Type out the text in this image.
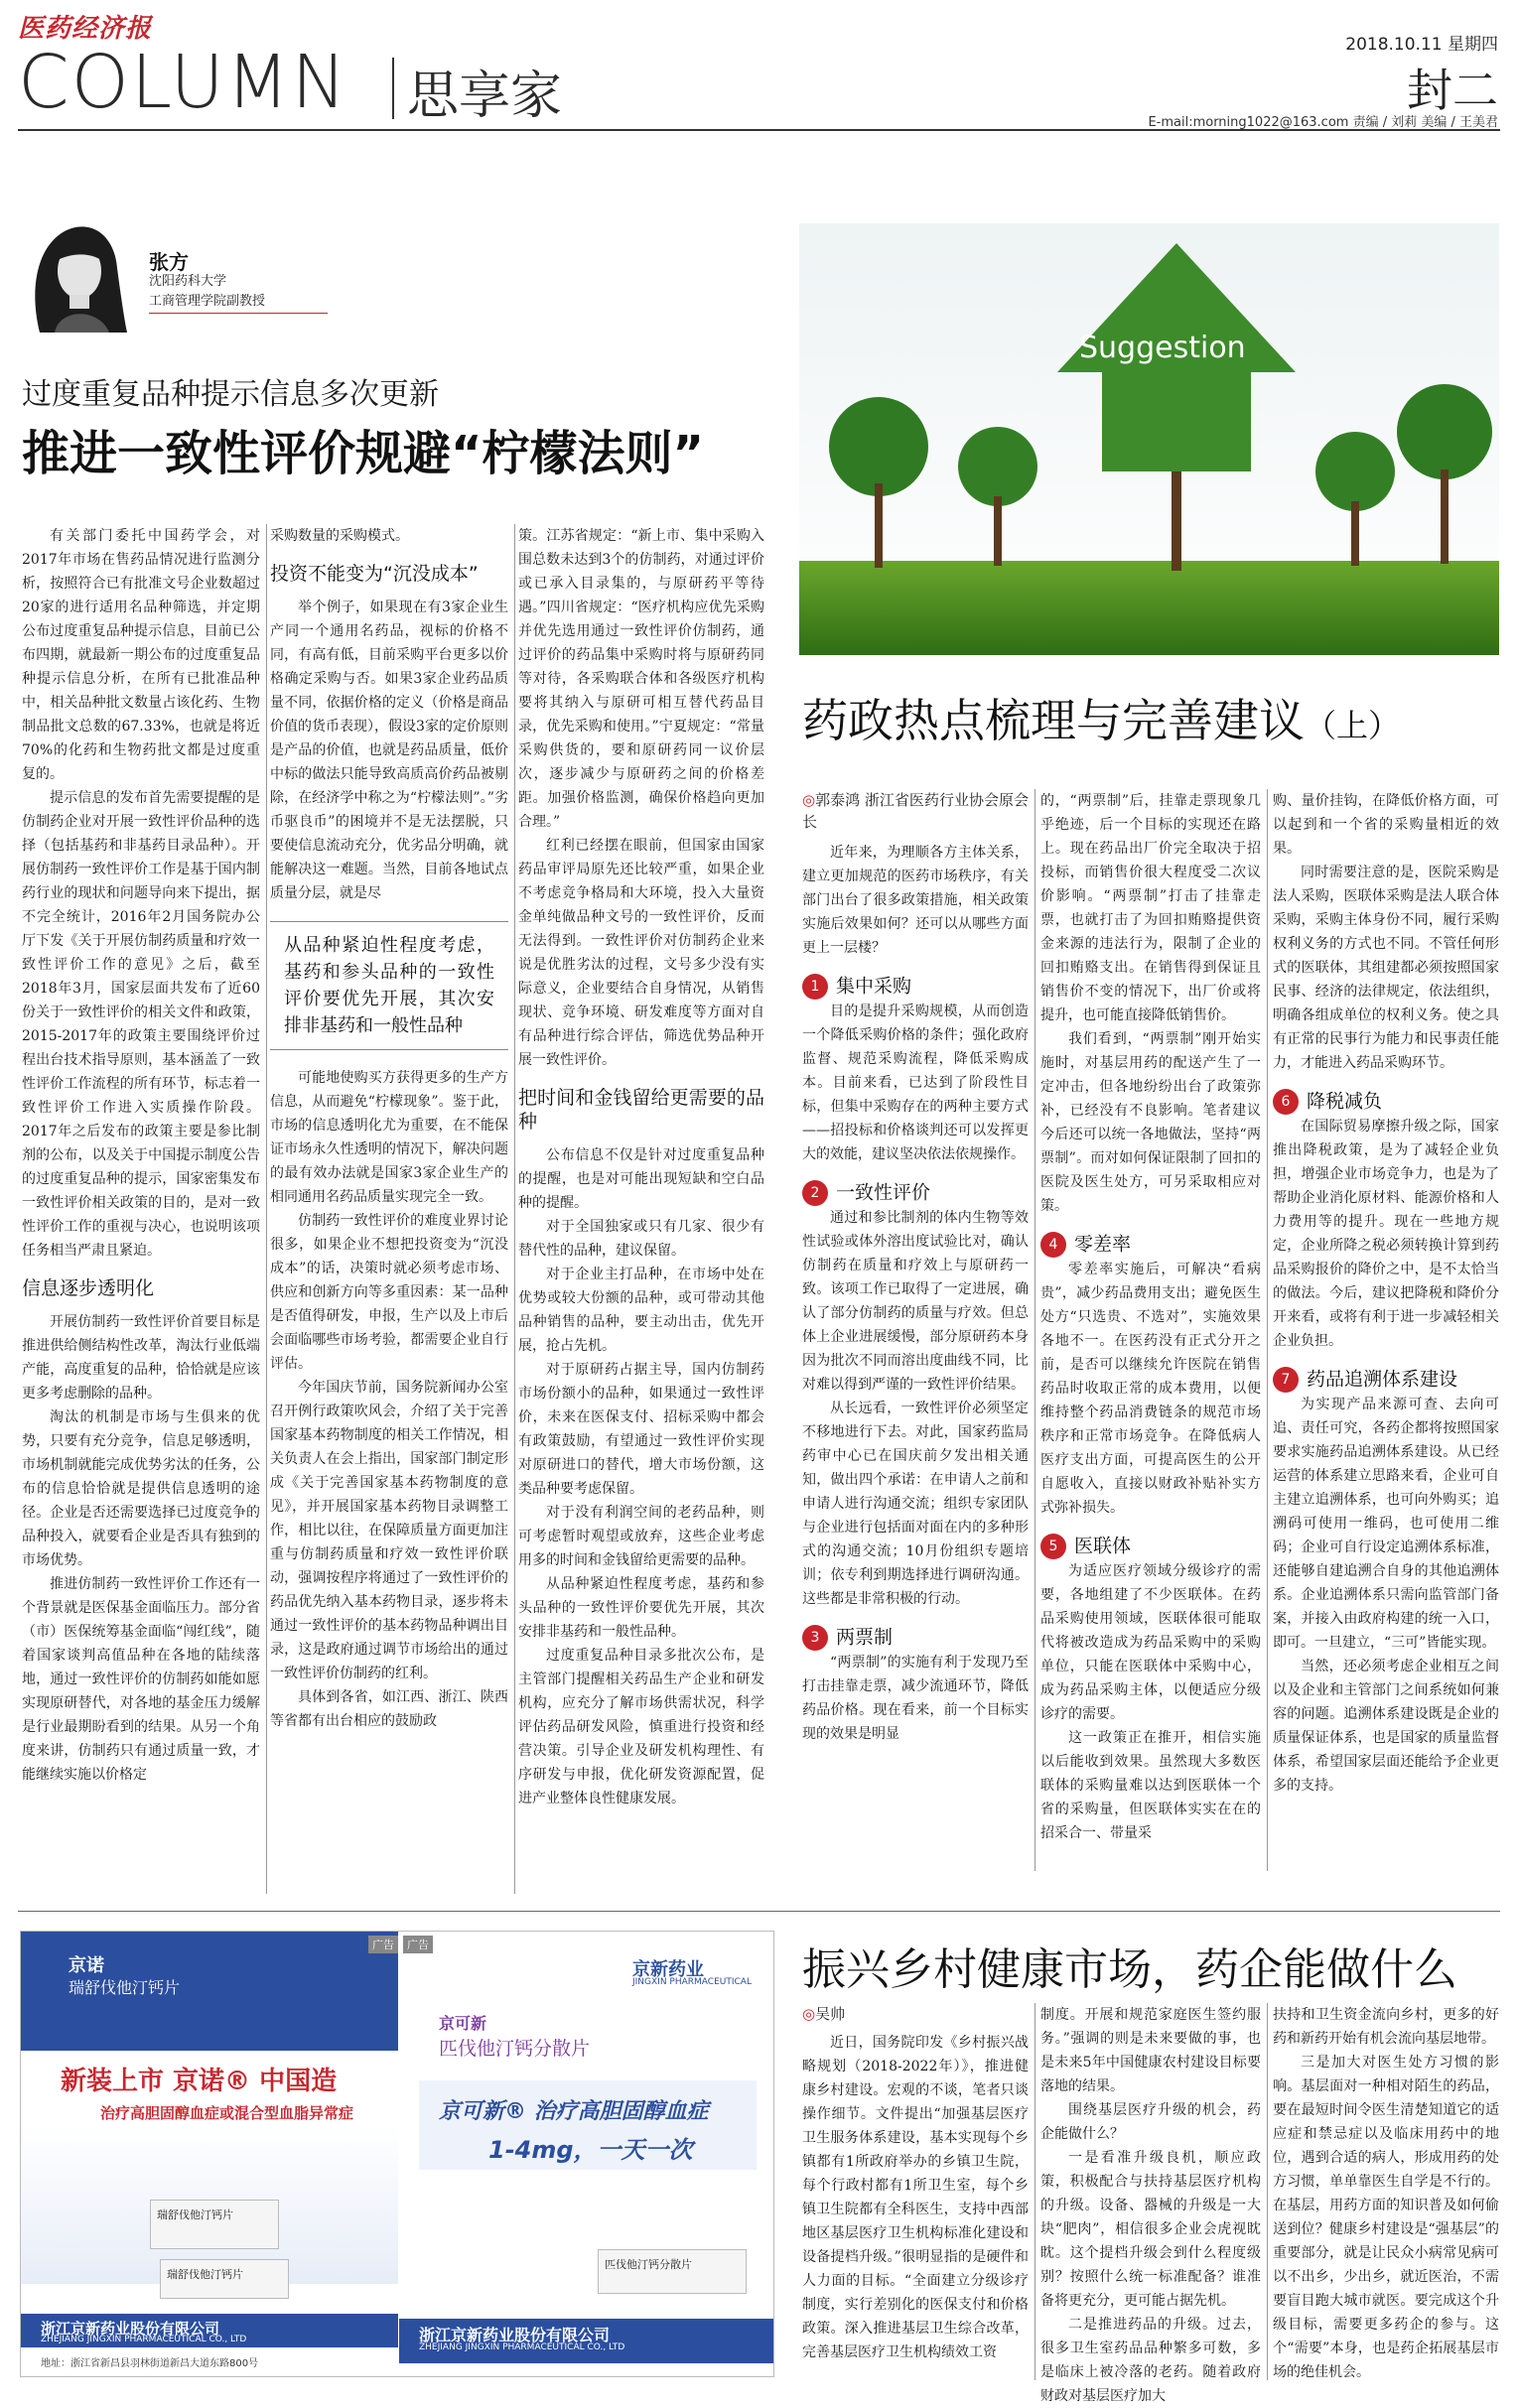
医药经济报
2018.10.11 星期四
COLUMN 思享家	封二
E-mail:morning1022@163.com 责编 / 刘莉 美编 / 王美君
张方
沈阳药科大学
工商管理学院副教授
过度重复品种提示信息多次更新
推进一致性评价规避“柠檬法则”

有关部门委托中国药学会，对2017年市场在售药品情况进行监测分析，按照符合已有批准文号企业数超过20家的进行适用名品种筛选，并定期公布过度重复品种提示信息，目前已公布四期，就最新一期公布的过度重复品种提示信息分析，在所有已批准品种中，相关品种批文数量占该化药、生物制品批文总数的67.33%，也就是将近70%的化药和生物药批文都是过度重复的。

提示信息的发布首先需要提醒的是仿制药企业对开展一致性评价品种的选择（包括基药和非基药目录品种）。开展仿制药一致性评价工作是基于国内制药行业的现状和问题导向来下提出，据不完全统计，2016年2月国务院办公厅下发《关于开展仿制药质量和疗效一致性评价工作的意见》之后，截至2018年3月，国家层面共发布了近60份关于一致性评价的相关文件和政策，2015-2017年的政策主要围绕评价过程出台技术指导原则，基本涵盖了一致性评价工作流程的所有环节，标志着一致性评价工作进入实质操作阶段。2017年之后发布的政策主要是参比制剂的公布，以及关于中国提示制度公告的过度重复品种的提示，国家密集发布一致性评价相关政策的目的，是对一致性评价工作的重视与决心，也说明该项任务相当严肃且紧迫。

信息逐步透明化

开展仿制药一致性评价首要目标是推进供给侧结构性改革，淘汰行业低端产能，高度重复的品种，恰恰就是应该更多考虑删除的品种。

淘汰的机制是市场与生俱来的优势，只要有充分竞争，信息足够透明，市场机制就能完成优势劣汰的任务，公布的信息恰恰就是提供信息透明的途径。企业是否还需要选择已过度竞争的品种投入，就要看企业是否具有独到的市场优势。

推进仿制药一致性评价工作还有一个背景就是医保基金面临压力。部分省（市）医保统筹基金面临“闯红线”，随着国家谈判高值品种在各地的陆续落地，通过一致性评价的仿制药如能如愿实现原研替代，对各地的基金压力缓解是行业最期盼看到的结果。从另一个角度来讲，仿制药只有通过质量一致，才能继续实施以价格定

采购数量的采购模式。

投资不能变为“沉没成本”

举个例子，如果现在有3家企业生产同一个通用名药品，视标的价格不同，有高有低，目前采购平台更多以价格确定采购与否。如果3家企业药品质量不同，依据价格的定义（价格是商品价值的货币表现），假设3家的定价原则是产品的价值，也就是药品质量，低价中标的做法只能导致高质高价药品被剔除，在经济学中称之为“柠檬法则”。”劣币驱良币”的困境并不是无法摆脱，只要使信息流动充分，优劣品分明确，就能解决这一难题。当然，目前各地试点质量分层，就是尽

从品种紧迫性程度考虑，基药和参头品种的一致性评价要优先开展，其次安排非基药和一般性品种

可能地使购买方获得更多的生产方信息，从而避免“柠檬现象”。鉴于此，市场的信息透明化尤为重要，在不能保证市场永久性透明的情况下，解决问题的最有效办法就是国家3家企业生产的相同通用名药品质量实现完全一致。

仿制药一致性评价的难度业界讨论很多，如果企业不想把投资变为“沉没成本”的话，决策时就必须考虑市场、供应和创新方向等多重因素：某一品种是否值得研发，申报，生产以及上市后会面临哪些市场考验，都需要企业自行评估。

今年国庆节前，国务院新闻办公室召开例行政策吹风会，介绍了关于完善国家基本药物制度的相关工作情况，相关负责人在会上指出，国家部门制定形成《关于完善国家基本药物制度的意见》，并开展国家基本药物目录调整工作，相比以往，在保障质量方面更加注重与仿制药质量和疗效一致性评价联动，强调按程序将通过了一致性评价的药品优先纳入基本药物目录，逐步将未通过一致性评价的基本药物品种调出目录，这是政府通过调节市场给出的通过一致性评价仿制药的红利。

具体到各省，如江西、浙江、陕西等省都有出台相应的鼓励政

策。江苏省规定：“新上市、集中采购入围总数未达到3个的仿制药，对通过评价或已承入目录集的，与原研药平等待遇。”四川省规定：“医疗机构应优先采购并优先选用通过一致性评价仿制药，通过评价的药品集中采购时将与原研药同等对待，各采购联合体和各级医疗机构要将其纳入与原研可相互替代药品目录，优先采购和使用。”宁夏规定：“常量采购供货的，要和原研药同一议价层次，逐步减少与原研药之间的价格差距。加强价格监测，确保价格趋向更加合理。”

红利已经摆在眼前，但国家由国家药品审评局原先还比较严重，如果企业不考虑竞争格局和大环境，投入大量资金单纯做品种文号的一致性评价，反而无法得到。一致性评价对仿制药企业来说是优胜劣汰的过程，文号多少没有实际意义，企业要结合自身情况，从销售现状、竞争环境、研发难度等方面对自有品种进行综合评估，筛选优势品种开展一致性评价。

把时间和金钱留给更需要的品种

公布信息不仅是针对过度重复品种的提醒，也是对可能出现短缺和空白品种的提醒。

对于全国独家或只有几家、很少有替代性的品种，建议保留。

对于企业主打品种，在市场中处在优势或较大份额的品种，或可带动其他品种销售的品种，要主动出击，优先开展，抢占先机。

对于原研药占据主导，国内仿制药市场份额小的品种，如果通过一致性评价，未来在医保支付、招标采购中都会有政策鼓励，有望通过一致性评价实现对原研进口的替代，增大市场份额，这类品种要考虑保留。

对于没有利润空间的老药品种，则可考虑暂时观望或放弃，这些企业考虑用多的时间和金钱留给更需要的品种。

从品种紧迫性程度考虑，基药和参头品种的一致性评价要优先开展，其次安排非基药和一般性品种。

过度重复品种目录多批次公布，是主管部门提醒相关药品生产企业和研发机构，应充分了解市场供需状况，科学评估药品研发风险，慎重进行投资和经营决策。引导企业及研发机构理性、有序研发与申报，优化研发资源配置，促进产业整体良性健康发展。

Suggestion
药政热点梳理与完善建议（上）

◎郭泰鸿 浙江省医药行业协会原会长

近年来，为理顺各方主体关系，建立更加规范的医药市场秩序，有关部门出台了很多政策措施，相关政策实施后效果如何？还可以从哪些方面更上一层楼？

1 集中采购

目的是提升采购规模，从而创造一个降低采购价格的条件；强化政府监督、规范采购流程，降低采购成本。目前来看，已达到了阶段性目标，但集中采购存在的两种主要方式——招投标和价格谈判还可以发挥更大的效能，建议坚决依法依规操作。

2 一致性评价

通过和参比制剂的体内生物等效性试验或体外溶出度试验比对，确认仿制药在质量和疗效上与原研药一致。该项工作已取得了一定进展，确认了部分仿制药的质量与疗效。但总体上企业进展缓慢，部分原研药本身因为批次不同而溶出度曲线不同，比对难以得到严谨的一致性评价结果。

从长远看，一致性评价必须坚定不移地进行下去。对此，国家药监局药审中心已在国庆前夕发出相关通知，做出四个承诺：在申请人之前和申请人进行沟通交流；组织专家团队与企业进行包括面对面在内的多种形式的沟通交流；10月份组织专题培训；依专利到期选择进行调研沟通。这些都是非常积极的行动。

3 两票制

“两票制”的实施有利于发现乃至打击挂靠走票，减少流通环节，降低药品价格。现在看来，前一个目标实现的效果是明显

的，“两票制”后，挂靠走票现象几乎绝迹，后一个目标的实现还在路上。现在药品出厂价完全取决于招投标，而销售价很大程度受二次议价影响。“两票制”打击了挂靠走票，也就打击了为回扣贿赂提供资金来源的违法行为，限制了企业的回扣贿赂支出。在销售得到保证且销售价不变的情况下，出厂价或将提升，也可能直接降低销售价。

我们看到，“两票制”刚开始实施时，对基层用药的配送产生了一定冲击，但各地纷纷出台了政策弥补，已经没有不良影响。笔者建议今后还可以统一各地做法，坚持“两票制”。而对如何保证限制了回扣的医院及医生处方，可另采取相应对策。

4 零差率

零差率实施后，可解决“看病贵”，减少药品费用支出；避免医生处方“只选贵、不选对”，实施效果各地不一。在医药没有正式分开之前，是否可以继续允许医院在销售药品时收取正常的成本费用，以便维持整个药品消费链条的规范市场秩序和正常市场竞争。在降低病人医疗支出方面，可提高医生的公开自愿收入，直接以财政补贴补实方式弥补损失。

5 医联体

为适应医疗领域分级诊疗的需要，各地组建了不少医联体。在药品采购使用领域，医联体很可能取代将被改造成为药品采购中的采购单位，只能在医联体中采购中心，成为药品采购主体，以便适应分级诊疗的需要。

这一政策正在推开，相信实施以后能收到效果。虽然现大多数医联体的采购量难以达到医联体一个省的采购量，但医联体实实在在的招采合一、带量采

购、量价挂钩，在降低价格方面，可以起到和一个省的采购量相近的效果。

同时需要注意的是，医院采购是法人采购，医联体采购是法人联合体采购，采购主体身份不同，履行采购权利义务的方式也不同。不管任何形式的医联体，其组建都必须按照国家民事、经济的法律规定，依法组织，明确各组成单位的权利义务。使之具有正常的民事行为能力和民事责任能力，才能进入药品采购环节。

6 降税减负

在国际贸易摩擦升级之际，国家推出降税政策，是为了减轻企业负担，增强企业市场竞争力，也是为了帮助企业消化原材料、能源价格和人力费用等的提升。现在一些地方规定，企业所降之税必须转换计算到药品采购报价的降价之中，是不太恰当的做法。今后，建议把降税和降价分开来看，或将有利于进一步减轻相关企业负担。

7 药品追溯体系建设

为实现产品来源可查、去向可追、责任可究，各药企都将按照国家要求实施药品追溯体系建设。从已经运营的体系建立思路来看，企业可自主建立追溯体系，也可向外购买；追溯码可使用一维码，也可使用二维码；企业可自行设定追溯体系标准，还能够自建追溯合自身的其他追溯体系。企业追溯体系只需向监管部门备案，并接入由政府构建的统一入口，即可。一旦建立，“三可”皆能实现。

当然，还必须考虑企业相互之间以及企业和主管部门之间系统如何兼容的问题。追溯体系建设既是企业的质量保证体系，也是国家的质量监督体系，希望国家层面还能给予企业更多的支持。

广告
京诺
瑞舒伐他汀钙片
新装上市 京诺® 中国造
治疗高胆固醇血症或混合型血脂异常症
瑞舒伐他汀钙片
瑞舒伐他汀钙片
浙江京新药业股份有限公司
ZHEJIANG JINGXIN PHARMACEUTICAL CO., LTD
地址：浙江省新昌县羽林街道新昌大道东路800号
广告
京新药业
JINGXIN PHARMACEUTICAL
京可新
匹伐他汀钙分散片
京可新® 治疗高胆固醇血症
1-4mg，一天一次
匹伐他汀钙分散片
浙江京新药业股份有限公司
ZHEJIANG JINGXIN PHARMACEUTICAL CO., LTD
振兴乡村健康市场，药企能做什么

◎吴帅

近日，国务院印发《乡村振兴战略规划（2018-2022年）》，推进健康乡村建设。宏观的不谈，笔者只谈操作细节。文件提出“加强基层医疗卫生服务体系建设，基本实现每个乡镇都有1所政府举办的乡镇卫生院，每个行政村都有1所卫生室，每个乡镇卫生院都有全科医生，支持中西部地区基层医疗卫生机构标准化建设和设备提档升级。”很明显指的是硬件和人力面的目标。“全面建立分级诊疗制度，实行差别化的医保支付和价格政策。深入推进基层卫生综合改革，完善基层医疗卫生机构绩效工资

制度。开展和规范家庭医生签约服务。”强调的则是未来要做的事，也是未来5年中国健康农村建设目标要落地的结果。

围绕基层医疗升级的机会，药企能做什么？

一是看准升级良机，顺应政策，积极配合与扶持基层医疗机构的升级。设备、器械的升级是一大块“肥肉”，相信很多企业会虎视眈眈。这个提档升级会到什么程度级别？按照什么统一标准配备？谁准备将更充分，更可能占据先机。

二是推进药品的升级。过去，很多卫生室药品品种繁多可数，多是临床上被冷落的老药。随着政府财政对基层医疗加大

扶持和卫生资金流向乡村，更多的好药和新药开始有机会流向基层地带。

三是加大对医生处方习惯的影响。基层面对一种相对陌生的药品，要在最短时间令医生清楚知道它的适应症和禁忌症以及临床用药中的地位，遇到合适的病人，形成用药的处方习惯，单单靠医生自学是不行的。在基层，用药方面的知识普及如何偷送到位？健康乡村建设是“强基层”的重要部分，就是让民众小病常见病可以不出乡，少出乡，就近医治，不需要盲目跑大城市就医。要完成这个升级目标，需要更多药企的参与。这个“需要”本身，也是药企拓展基层市场的绝佳机会。
